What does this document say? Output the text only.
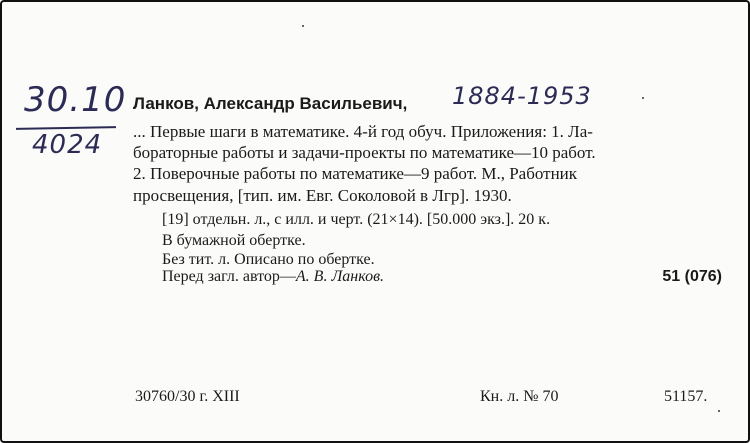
30.10
4024
1884-1953
Ланков, Александр Васильевич,
... Первые шаги в математике. 4-й год обуч. Приложения: 1. Ла-
бораторные работы и задачи-проекты по математике—10 работ.
2. Поверочные работы по математике—9 работ. М., Работник
просвещения, [тип. им. Евг. Соколовой в Лгр]. 1930.
[19] отдельн. л., с илл. и черт. (21×14). [50.000 экз.]. 20 к.
В бумажной обертке.
Без тит. л. Описано по обертке.
Перед загл. автор—А. В. Ланков.	51 (076)
30760/30 г. XIII	Кн. л. № 70	51157.
